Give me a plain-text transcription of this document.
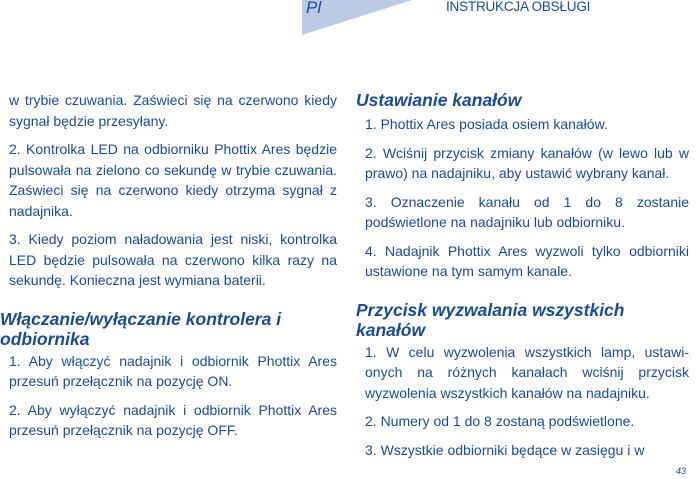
Pl	INSTRUKCJA OBSŁUGI

w trybie czuwania. Zaświeci się na czerwono kiedy sygnał będzie przesyłany.

2. Kontrolka LED na odbiorniku Phottix Ares będzie pulsowała na zielono co sekundę w trybie czuwania. Zaświeci się na czerwono kiedy otrzyma sygnał z nadajnika.

3. Kiedy poziom naładowania jest niski, kontrolka LED będzie pulsowała na czerwono kilka razy na sekundę. Konieczna jest wymiana baterii.

Włączanie/wyłączanie kontrolera i odbiornika

1. Aby włączyć nadajnik i odbiornik Phottix Ares przesuń przełącznik na pozycję ON.

2. Aby wyłączyć nadajnik i odbiornik Phottix Ares przesuń przełącznik na pozycję OFF.

Ustawianie kanałów

1. Phottix Ares posiada osiem kanałów.

2. Wciśnij przycisk zmiany kanałów (w lewo lub w prawo) na nadajniku, aby ustawić wybrany kanał.

3. Oznaczenie kanału od 1 do 8 zostanie podświetlone na nadajniku lub odbiorniku.

4. Nadajnik Phottix Ares wyzwoli tylko odbiorniki ustawione na tym samym kanale.

Przycisk wyzwalania wszystkich kanałów

1. W celu wyzwolenia wszystkich lamp, ustawi-onych na różnych kanałach wciśnij przycisk wyzwolenia wszystkich kanałów na nadajniku.

2. Numery od 1 do 8 zostaną podświetlone.

3. Wszystkie odbiorniki będące w zasięgu i w

43
